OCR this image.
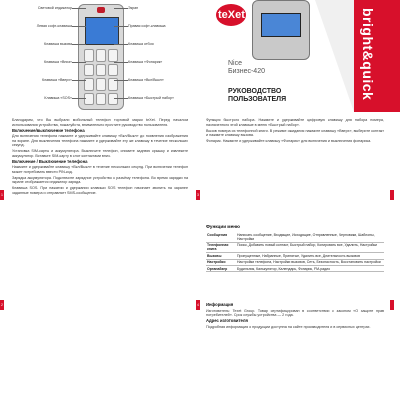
Световой индикатор
Левая софт-клавиша
Клавиша вызова
Клавиша «Вниз»
Клавиша «Вверх»
Клавиша «SOS»
Экран
Правая софт-клавиша
Клавиша отбоя
Клавиша «Фонарик»
Клавиша «Вкл/Выкл»
Клавиша «Быстрый набор»
teXet
Nice
Бизнес-420
РУКОВОДСТВО
ПОЛЬЗОВАТЕЛЯ	bright&quick

Благодарим, что Вы выбрали мобильный телефон торговой марки teXet. Перед началом использования устройства, пожалуйста, внимательно прочтите руководство пользователя.

Включение/выключение телефона

Для включения телефона нажмите и удерживайте клавишу «Вкл/Выкл» до появления изображения на экране. Для выключения телефона нажмите и удерживайте эту же клавишу в течение нескольких секунд.

Установка SIM-карты и аккумулятора. Выключите телефон, снимите заднюю крышку и извлеките аккумулятор. Вставьте SIM-карту в слот контактами вниз.

Включение / Выключение телефона

Нажмите и удерживайте клавишу «Вкл/Выкл» в течение нескольких секунд. При включении телефон может потребовать ввести PIN-код.

Зарядка аккумулятора. Подключите зарядное устройство к разъёму телефона. Во время зарядки на экране отображается индикатор заряда.

Клавиша SOS. При нажатии и удержании клавиши SOS телефон начинает звонить на заранее заданные номера и отправляет SMS-сообщение.

1
2
3
4

Функция быстрого набора. Нажмите и удерживайте цифровую клавишу для набора номера, назначенного этой клавише в меню «Быстрый набор».

Вызов номера из телефонной книги. В режиме ожидания нажмите клавишу «Вверх», выберите контакт и нажмите клавишу вызова.

Фонарик. Нажмите и удерживайте клавишу «Фонарик» для включения и выключения фонарика.

Функции меню
Сообщения	Написать сообщение, Входящие, Исходящие, Отправленные, Черновики, Шаблоны, Настройки
Телефонная книга	Поиск, Добавить новый контакт, Быстрый набор, Копировать все, Удалить, Настройки
Вызовы	Пропущенные, Набранные, Принятые, Удалить все, Длительность вызовов
Настройки	Настройки телефона, Настройки вызовов, Сеть, Безопасность, Восстановить настройки
Органайзер	Будильник, Калькулятор, Календарь, Фонарик, FM-радио
Информация

Изготовитель: Texet Group. Товар сертифицирован в соответствии с законом «О защите прав потребителей». Срок службы устройства — 2 года.

Адрес изготовителя

Подробная информация о продукции доступна на сайте производителя и в сервисных центрах.
